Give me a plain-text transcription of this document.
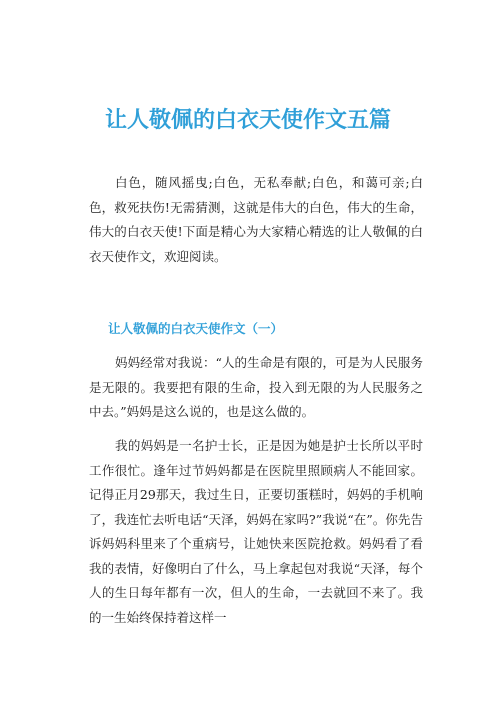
让人敬佩的白衣天使作文五篇

白色，随风摇曳;白色，无私奉献;白色，和蔼可亲;白色，救死扶伤!无需猜测，这就是伟大的白色，伟大的生命，伟大的白衣天使!下面是精心为大家精心精选的让人敬佩的白衣天使作文，欢迎阅读。

让人敬佩的白衣天使作文（一）

妈妈经常对我说：“人的生命是有限的，可是为人民服务是无限的。我要把有限的生命，投入到无限的为人民服务之中去。”妈妈是这么说的，也是这么做的。

我的妈妈是一名护士长，正是因为她是护士长所以平时工作很忙。逢年过节妈妈都是在医院里照顾病人不能回家。记得正月29那天，我过生日，正要切蛋糕时，妈妈的手机响了，我连忙去听电话“天泽，妈妈在家吗?”我说“在”。你先告诉妈妈科里来了个重病号，让她快来医院抢救。妈妈看了看我的表情，好像明白了什么，马上拿起包对我说“天泽，每个人的生日每年都有一次，但人的生命，一去就回不来了。我的一生始终保持着这样一
